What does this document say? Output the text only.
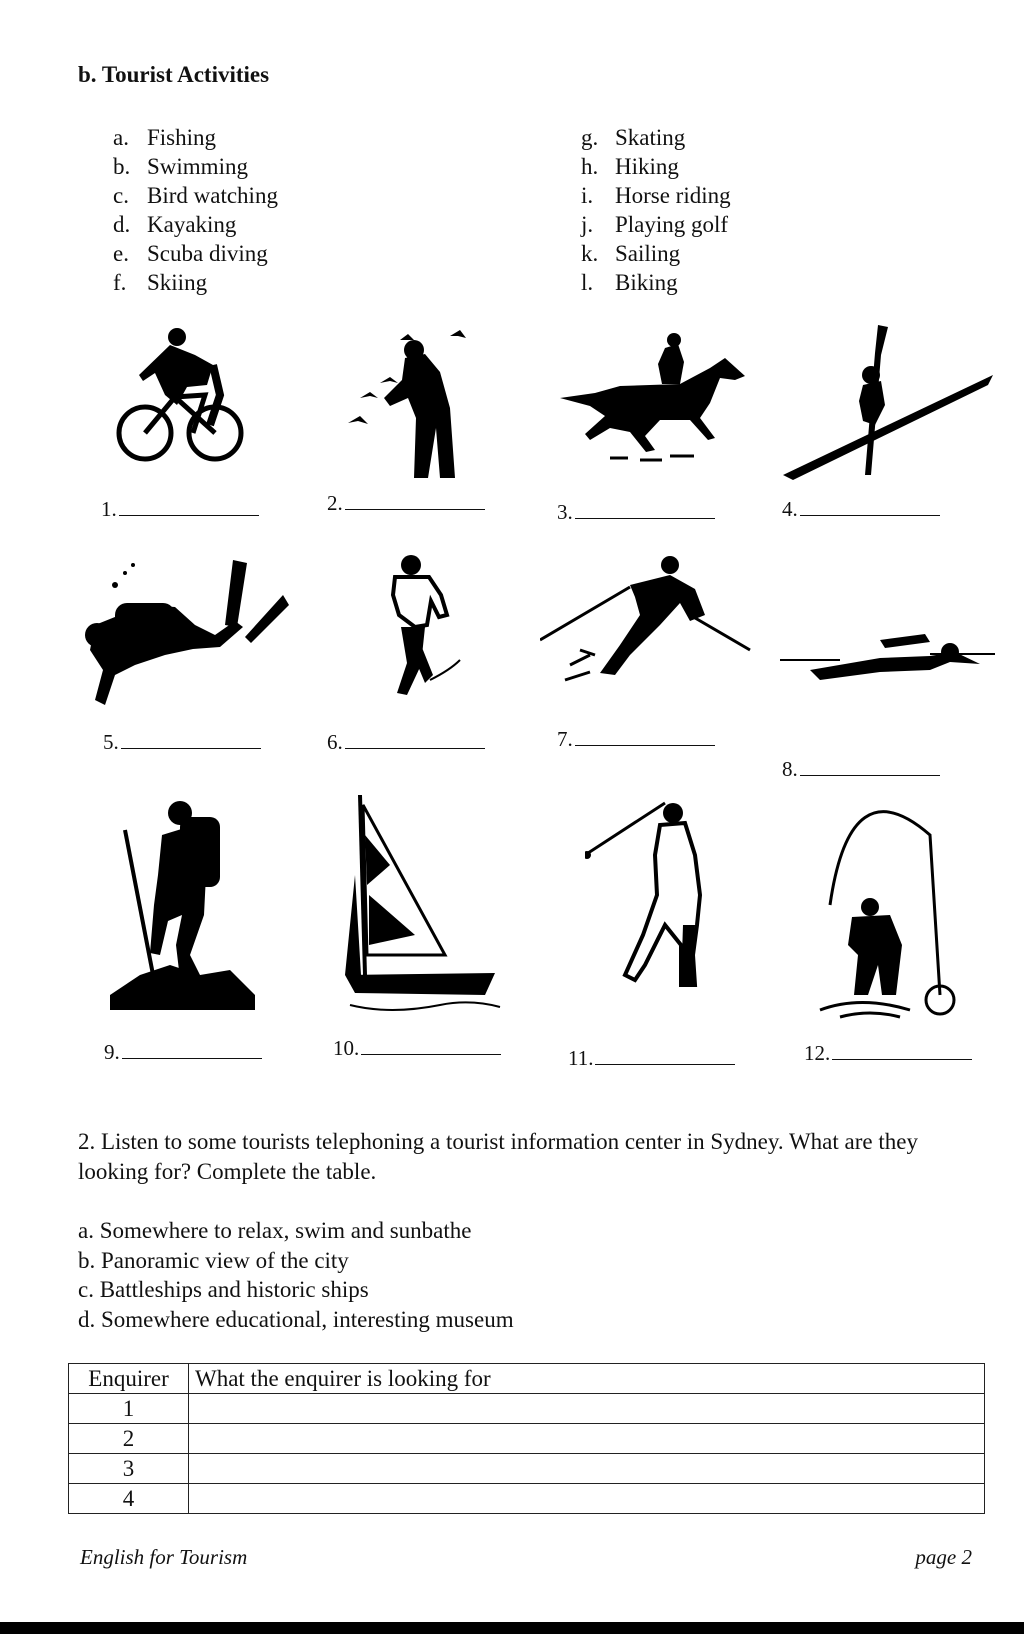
b. Tourist Activities
a. Fishing
b. Swimming
c. Bird watching
d. Kayaking
e. Scuba diving
f. Skiing
g. Skating
h. Hiking
i. Horse riding
j. Playing golf
k. Sailing
l. Biking
1.	2.	3.	4.
5.	6.	7.
8.
9.	10.	11.	12.
2. Listen to some tourists telephoning a tourist information center in Sydney. What are they looking for? Complete the table.
a. Somewhere to relax, swim and sunbathe
b. Panoramic view of the city
c. Battleships and historic ships
d. Somewhere educational, interesting museum
Enquirer	What the enquirer is looking for
1	
2	
3	
4	
English for Tourism	page 2
